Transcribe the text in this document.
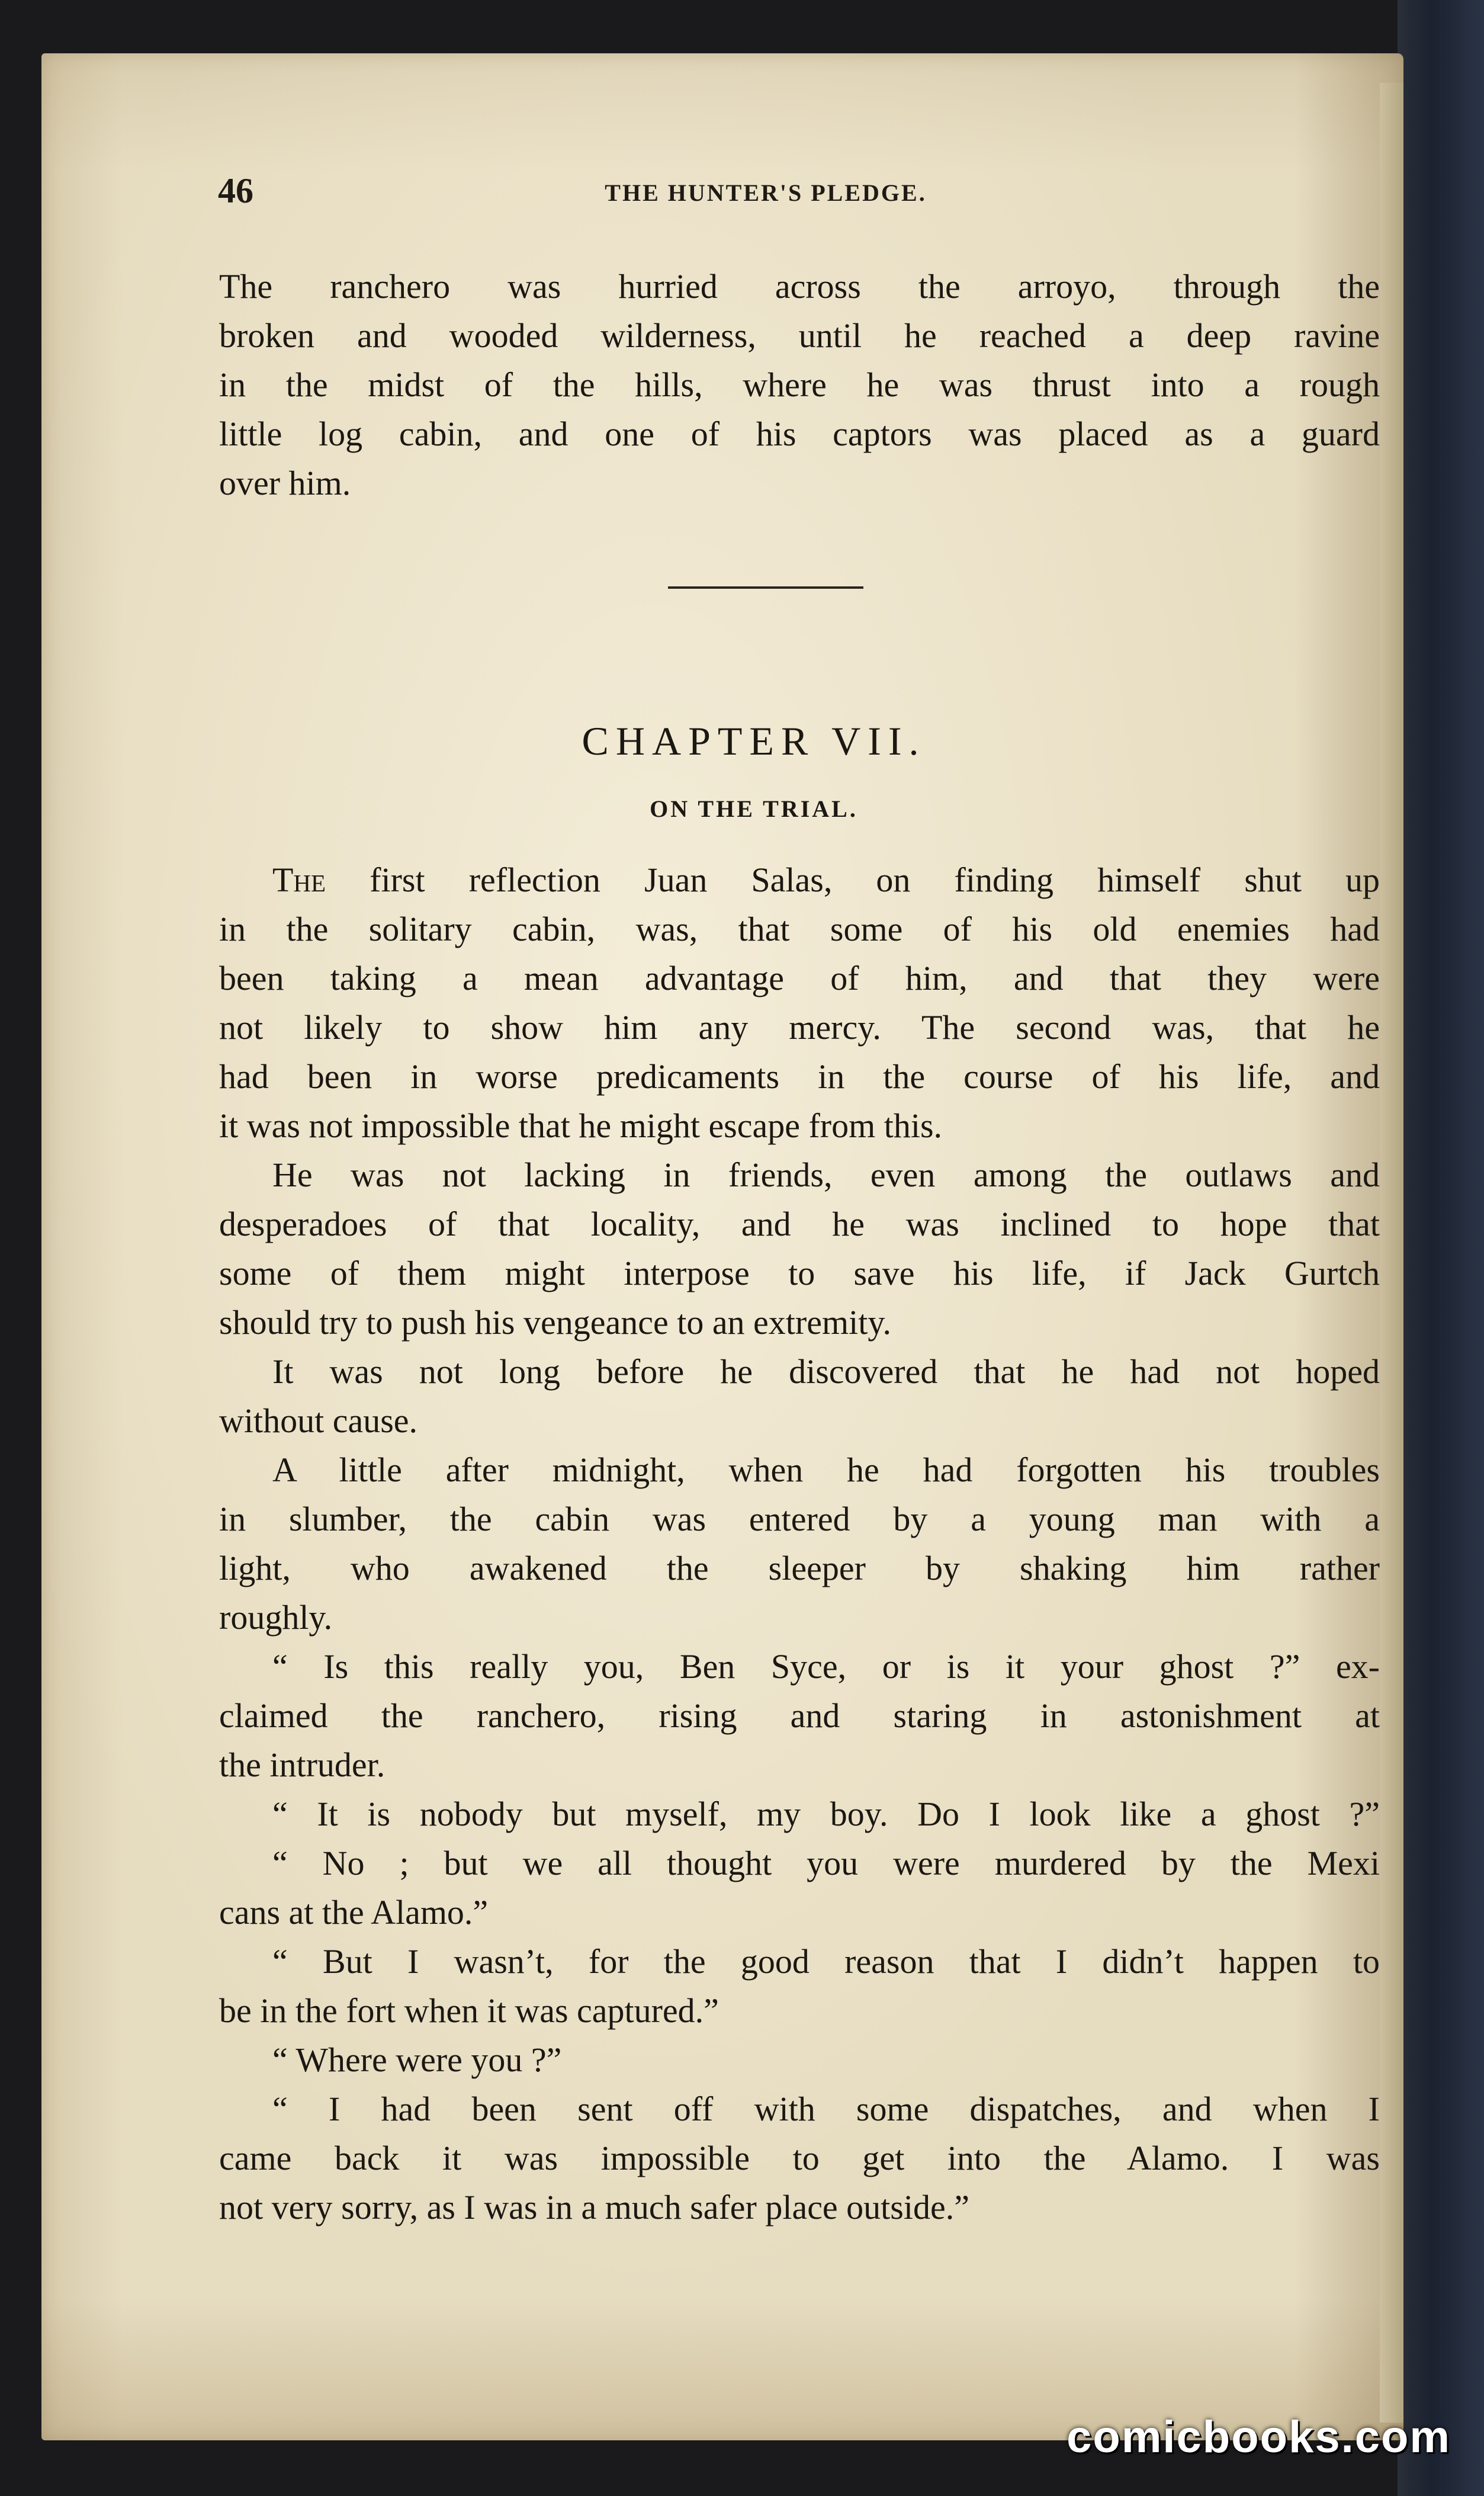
46	THE HUNTER'S PLEDGE.
The ranchero was hurried across the arroyo, through the
broken and wooded wilderness, until he reached a deep ravine
in the midst of the hills, where he was thrust into a rough
little log cabin, and one of his captors was placed as a guard
over him.
CHAPTER VII.
ON THE TRIAL.
The first reflection Juan Salas, on finding himself shut up
in the solitary cabin, was, that some of his old enemies had
been taking a mean advantage of him, and that they were
not likely to show him any mercy. The second was, that he
had been in worse predicaments in the course of his life, and
it was not impossible that he might escape from this.
He was not lacking in friends, even among the outlaws and
desperadoes of that locality, and he was inclined to hope that
some of them might interpose to save his life, if Jack Gurtch
should try to push his vengeance to an extremity.
It was not long before he discovered that he had not hoped
without cause.
A little after midnight, when he had forgotten his troubles
in slumber, the cabin was entered by a young man with a
light, who awakened the sleeper by shaking him rather
roughly.
“ Is this really you, Ben Syce, or is it your ghost ?” ex-
claimed the ranchero, rising and staring in astonishment at
the intruder.
“ It is nobody but myself, my boy. Do I look like a ghost ?”
“ No ; but we all thought you were murdered by the Mexi
cans at the Alamo.”
“ But I wasn’t, for the good reason that I didn’t happen to
be in the fort when it was captured.”
“ Where were you ?”
“ I had been sent off with some dispatches, and when I
came back it was impossible to get into the Alamo. I was
not very sorry, as I was in a much safer place outside.”
comicbooks.com
